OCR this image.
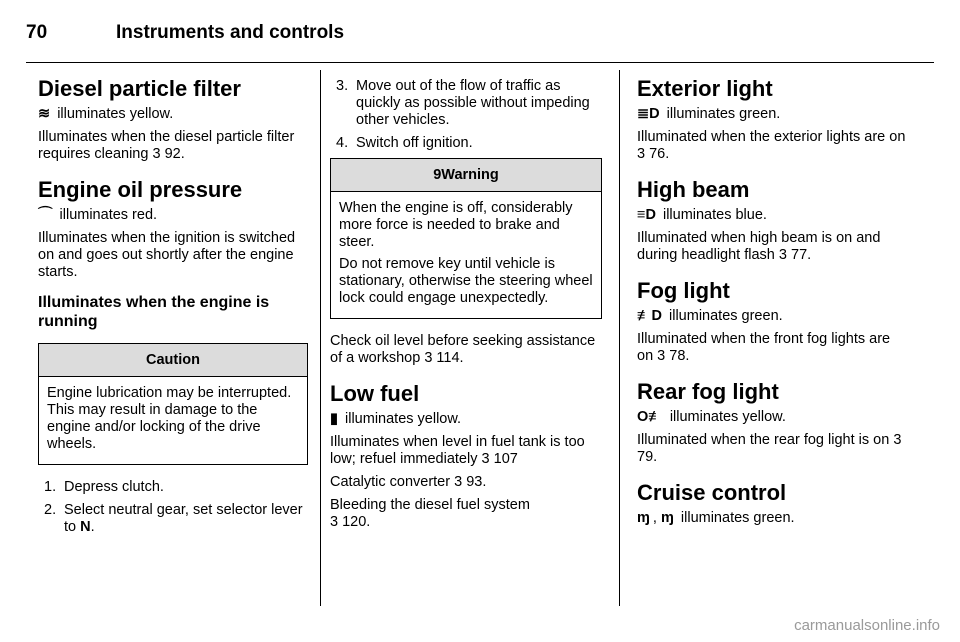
70	Instruments and controls
Diesel particle filter

≋ illuminates yellow.

Illuminates when the diesel particle filter requires cleaning 3 92.

Engine oil pressure

⌒ illuminates red.

Illuminates when the ignition is switched on and goes out shortly after the engine starts.

Illuminates when the engine is running
Caution

Engine lubrication may be interrupted. This may result in damage to the engine and/or locking of the drive wheels.

1. Depress clutch.
2. Select neutral gear, set selector lever to N.
3. Move out of the flow of traffic as quickly as possible without impeding other vehicles.
4. Switch off ignition.
9Warning

When the engine is off, considerably more force is needed to brake and steer.

Do not remove key until vehicle is stationary, otherwise the steering wheel lock could engage unexpectedly.

Check oil level before seeking assistance of a workshop 3 114.

Low fuel

▮ illuminates yellow.

Illuminates when level in fuel tank is too low; refuel immediately 3 107

Catalytic converter 3 93.

Bleeding the diesel fuel system
3 120.

Exterior light

≣D illuminates green.

Illuminated when the exterior lights are on 3 76.

High beam

≡D illuminates blue.

Illuminated when high beam is on and during headlight flash 3 77.

Fog light

≢D illuminates green.

Illuminated when the front fog lights are on 3 78.

Rear fog light

O≢ illuminates yellow.

Illuminated when the rear fog light is on 3 79.

Cruise control

ɱ , ɱ illuminates green.

carmanualsonline.info
